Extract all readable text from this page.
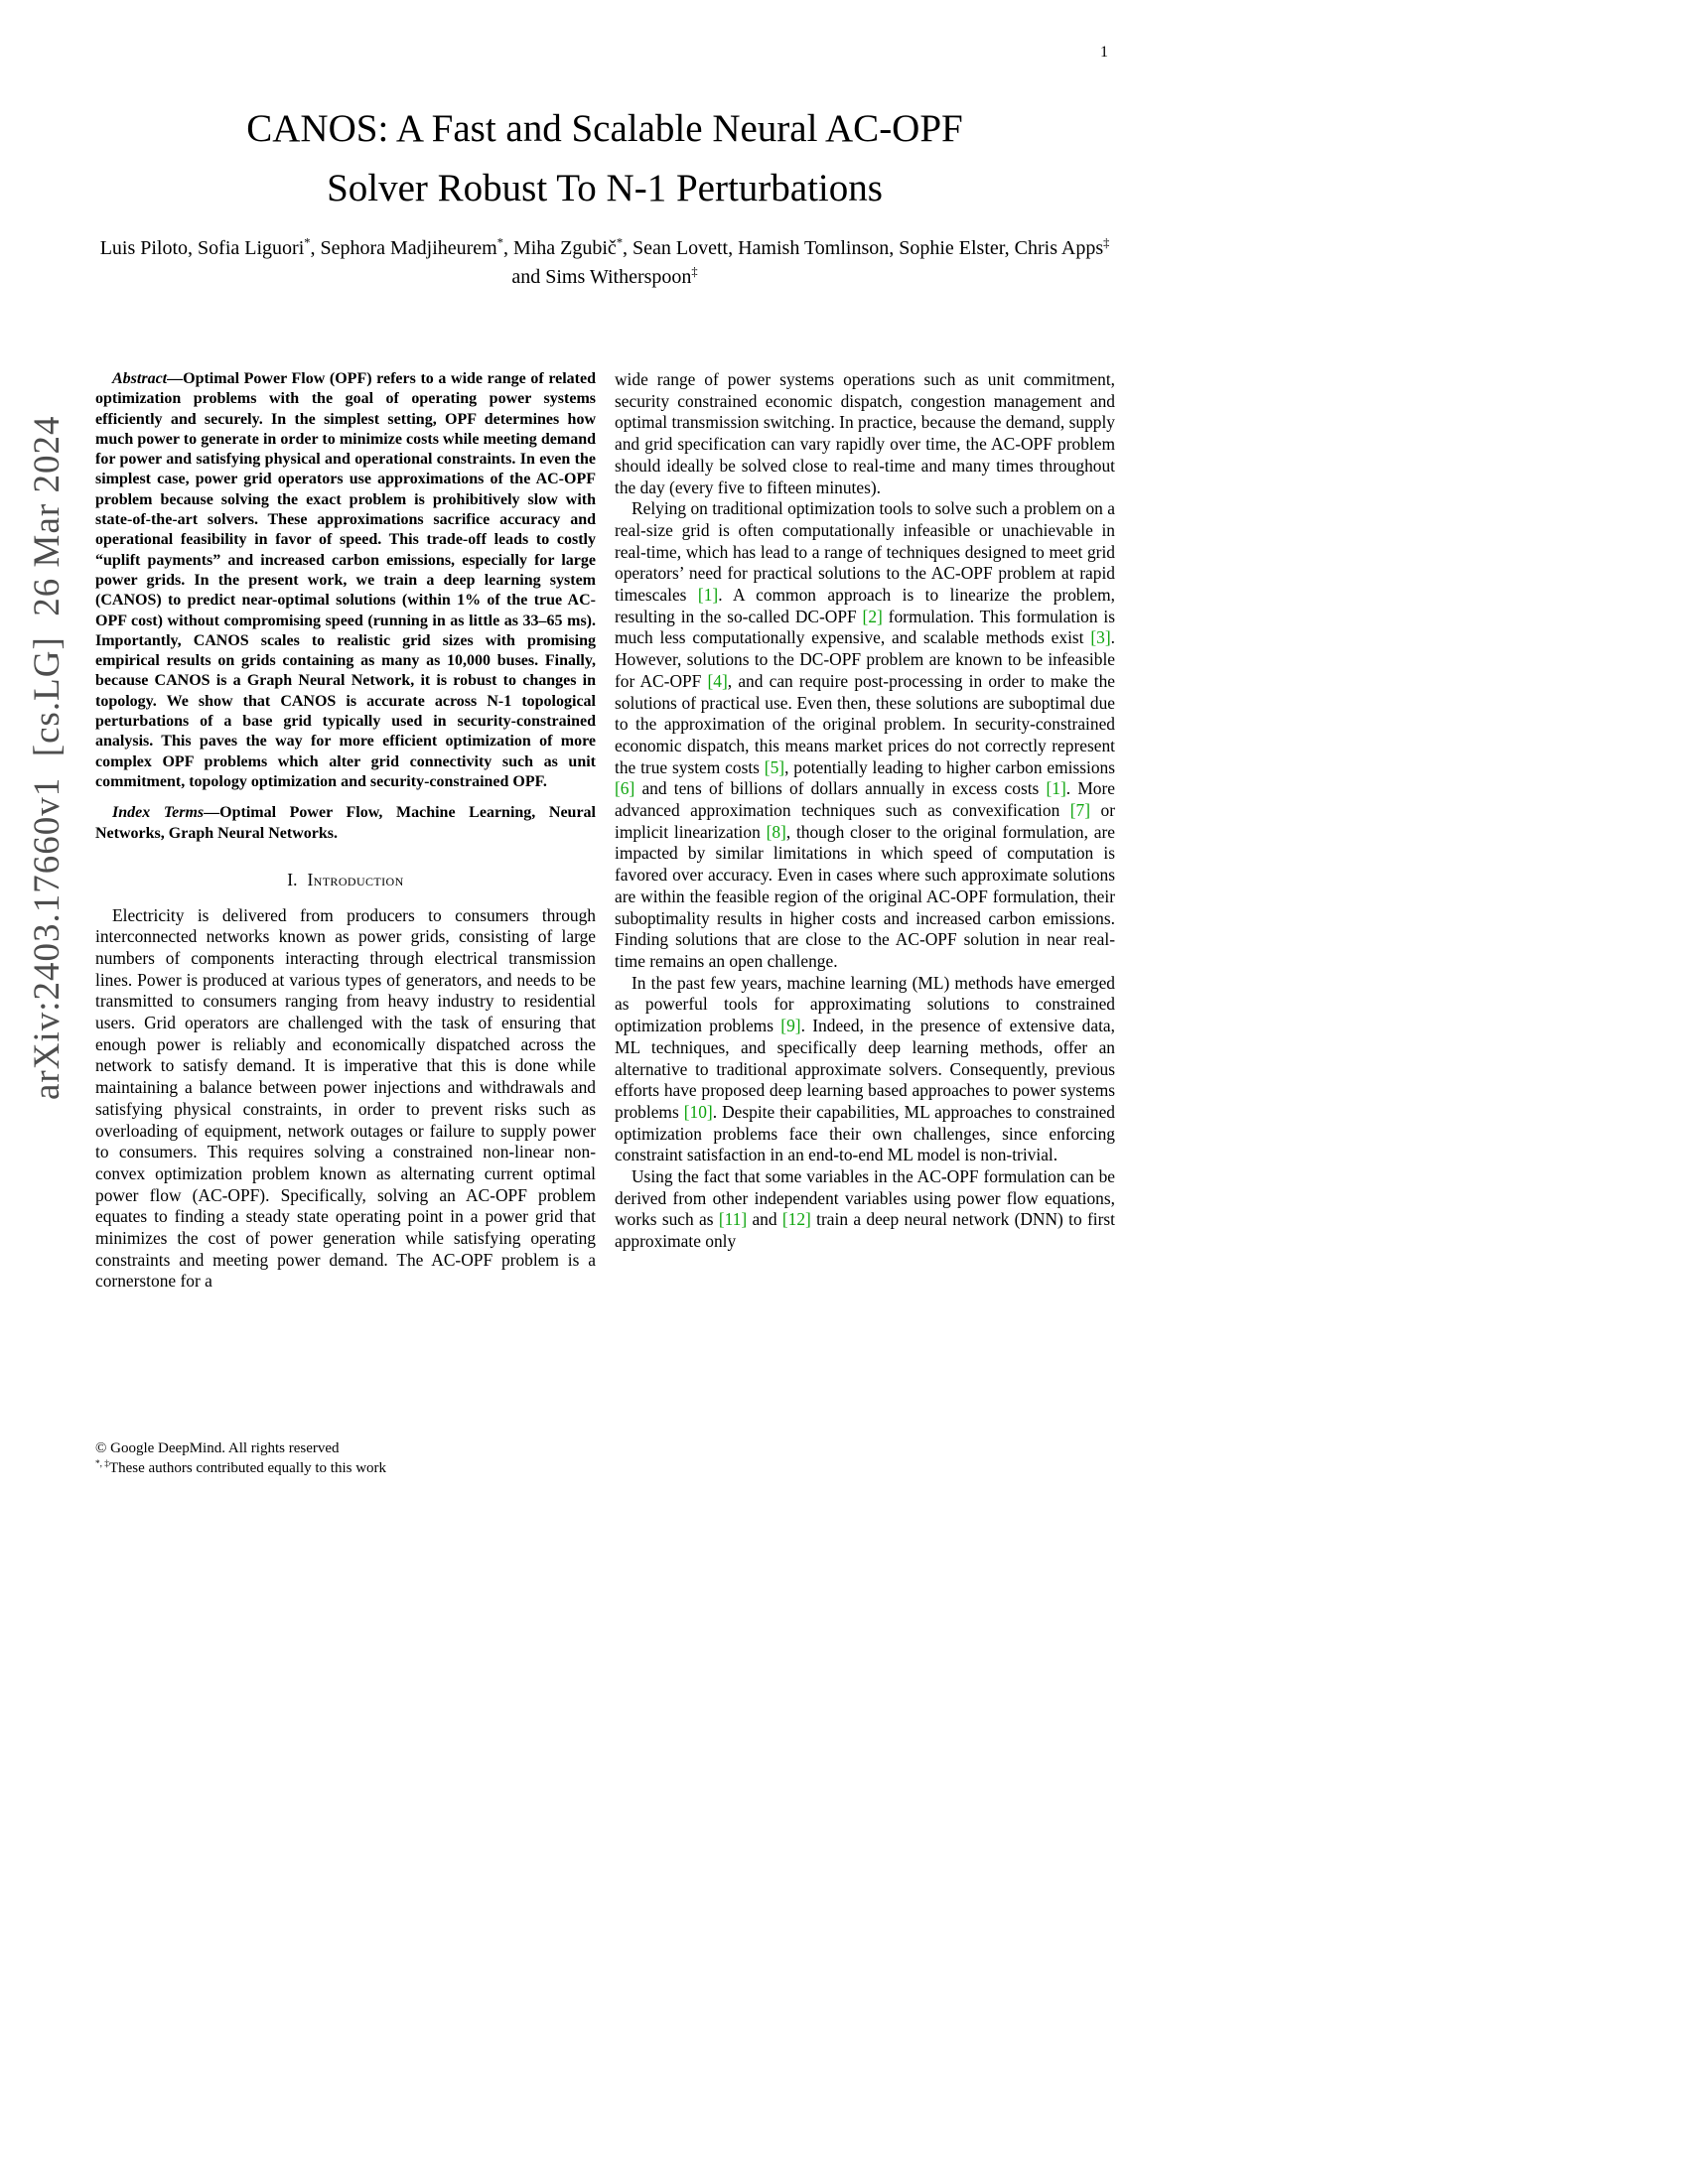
1
arXiv:2403.17660v1  [cs.LG]  26 Mar 2024
CANOS: A Fast and Scalable Neural AC-OPF
Solver Robust To N-1 Perturbations
Luis Piloto, Sofia Liguori*, Sephora Madjiheurem*, Miha Zgubič*, Sean Lovett, Hamish Tomlinson, Sophie Elster, Chris Apps‡ and Sims Witherspoon‡

Abstract—Optimal Power Flow (OPF) refers to a wide range of related optimization problems with the goal of operating power systems efficiently and securely. In the simplest setting, OPF determines how much power to generate in order to minimize costs while meeting demand for power and satisfying physical and operational constraints. In even the simplest case, power grid operators use approximations of the AC-OPF problem because solving the exact problem is prohibitively slow with state-of-the-art solvers. These approximations sacrifice accuracy and operational feasibility in favor of speed. This trade-off leads to costly “uplift payments” and increased carbon emissions, especially for large power grids. In the present work, we train a deep learning system (CANOS) to predict near-optimal solutions (within 1% of the true AC-OPF cost) without compromising speed (running in as little as 33–65 ms). Importantly, CANOS scales to realistic grid sizes with promising empirical results on grids containing as many as 10,000 buses. Finally, because CANOS is a Graph Neural Network, it is robust to changes in topology. We show that CANOS is accurate across N-1 topological perturbations of a base grid typically used in security-constrained analysis. This paves the way for more efficient optimization of more complex OPF problems which alter grid connectivity such as unit commitment, topology optimization and security-constrained OPF.

Index Terms—Optimal Power Flow, Machine Learning, Neural Networks, Graph Neural Networks.

I. Introduction

Electricity is delivered from producers to consumers through interconnected networks known as power grids, consisting of large numbers of components interacting through electrical transmission lines. Power is produced at various types of generators, and needs to be transmitted to consumers ranging from heavy industry to residential users. Grid operators are challenged with the task of ensuring that enough power is reliably and economically dispatched across the network to satisfy demand. It is imperative that this is done while maintaining a balance between power injections and withdrawals and satisfying physical constraints, in order to prevent risks such as overloading of equipment, network outages or failure to supply power to consumers. This requires solving a constrained non-linear non-convex optimization problem known as alternating current optimal power flow (AC-OPF). Specifically, solving an AC-OPF problem equates to finding a steady state operating point in a power grid that minimizes the cost of power generation while satisfying operating constraints and meeting power demand. The AC-OPF problem is a cornerstone for a

wide range of power systems operations such as unit commitment, security constrained economic dispatch, congestion management and optimal transmission switching. In practice, because the demand, supply and grid specification can vary rapidly over time, the AC-OPF problem should ideally be solved close to real-time and many times throughout the day (every five to fifteen minutes).

Relying on traditional optimization tools to solve such a problem on a real-size grid is often computationally infeasible or unachievable in real-time, which has lead to a range of techniques designed to meet grid operators’ need for practical solutions to the AC-OPF problem at rapid timescales [1]. A common approach is to linearize the problem, resulting in the so-called DC-OPF [2] formulation. This formulation is much less computationally expensive, and scalable methods exist [3]. However, solutions to the DC-OPF problem are known to be infeasible for AC-OPF [4], and can require post-processing in order to make the solutions of practical use. Even then, these solutions are suboptimal due to the approximation of the original problem. In security-constrained economic dispatch, this means market prices do not correctly represent the true system costs [5], potentially leading to higher carbon emissions [6] and tens of billions of dollars annually in excess costs [1]. More advanced approximation techniques such as convexification [7] or implicit linearization [8], though closer to the original formulation, are impacted by similar limitations in which speed of computation is favored over accuracy. Even in cases where such approximate solutions are within the feasible region of the original AC-OPF formulation, their suboptimality results in higher costs and increased carbon emissions. Finding solutions that are close to the AC-OPF solution in near real-time remains an open challenge.

In the past few years, machine learning (ML) methods have emerged as powerful tools for approximating solutions to constrained optimization problems [9]. Indeed, in the presence of extensive data, ML techniques, and specifically deep learning methods, offer an alternative to traditional approximate solvers. Consequently, previous efforts have proposed deep learning based approaches to power systems problems [10]. Despite their capabilities, ML approaches to constrained optimization problems face their own challenges, since enforcing constraint satisfaction in an end-to-end ML model is non-trivial.

Using the fact that some variables in the AC-OPF formulation can be derived from other independent variables using power flow equations, works such as [11] and [12] train a deep neural network (DNN) to first approximate only

© Google DeepMind. All rights reserved

*, ‡These authors contributed equally to this work
